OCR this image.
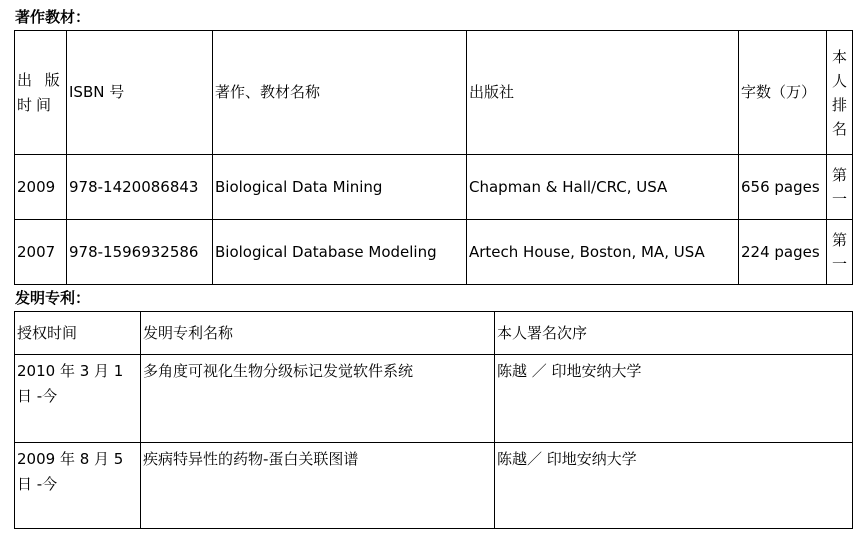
著作教材：
出 版 时间	ISBN 号	著作、教材名称	出版社	字数（万）	本人排名
2009	978-1420086843	Biological Data Mining	Chapman & Hall/CRC, USA	656 pages	第一
2007	978-1596932586	Biological Database Modeling	Artech House, Boston, MA, USA	224 pages	第一
发明专利：
授权时间	发明专利名称	本人署名次序
2010 年 3 月 1 日 -今	多角度可视化生物分级标记发觉软件系统	陈越 ／ 印地安纳大学
2009 年 8 月 5 日 -今	疾病特异性的药物-蛋白关联图谱	陈越／ 印地安纳大学
